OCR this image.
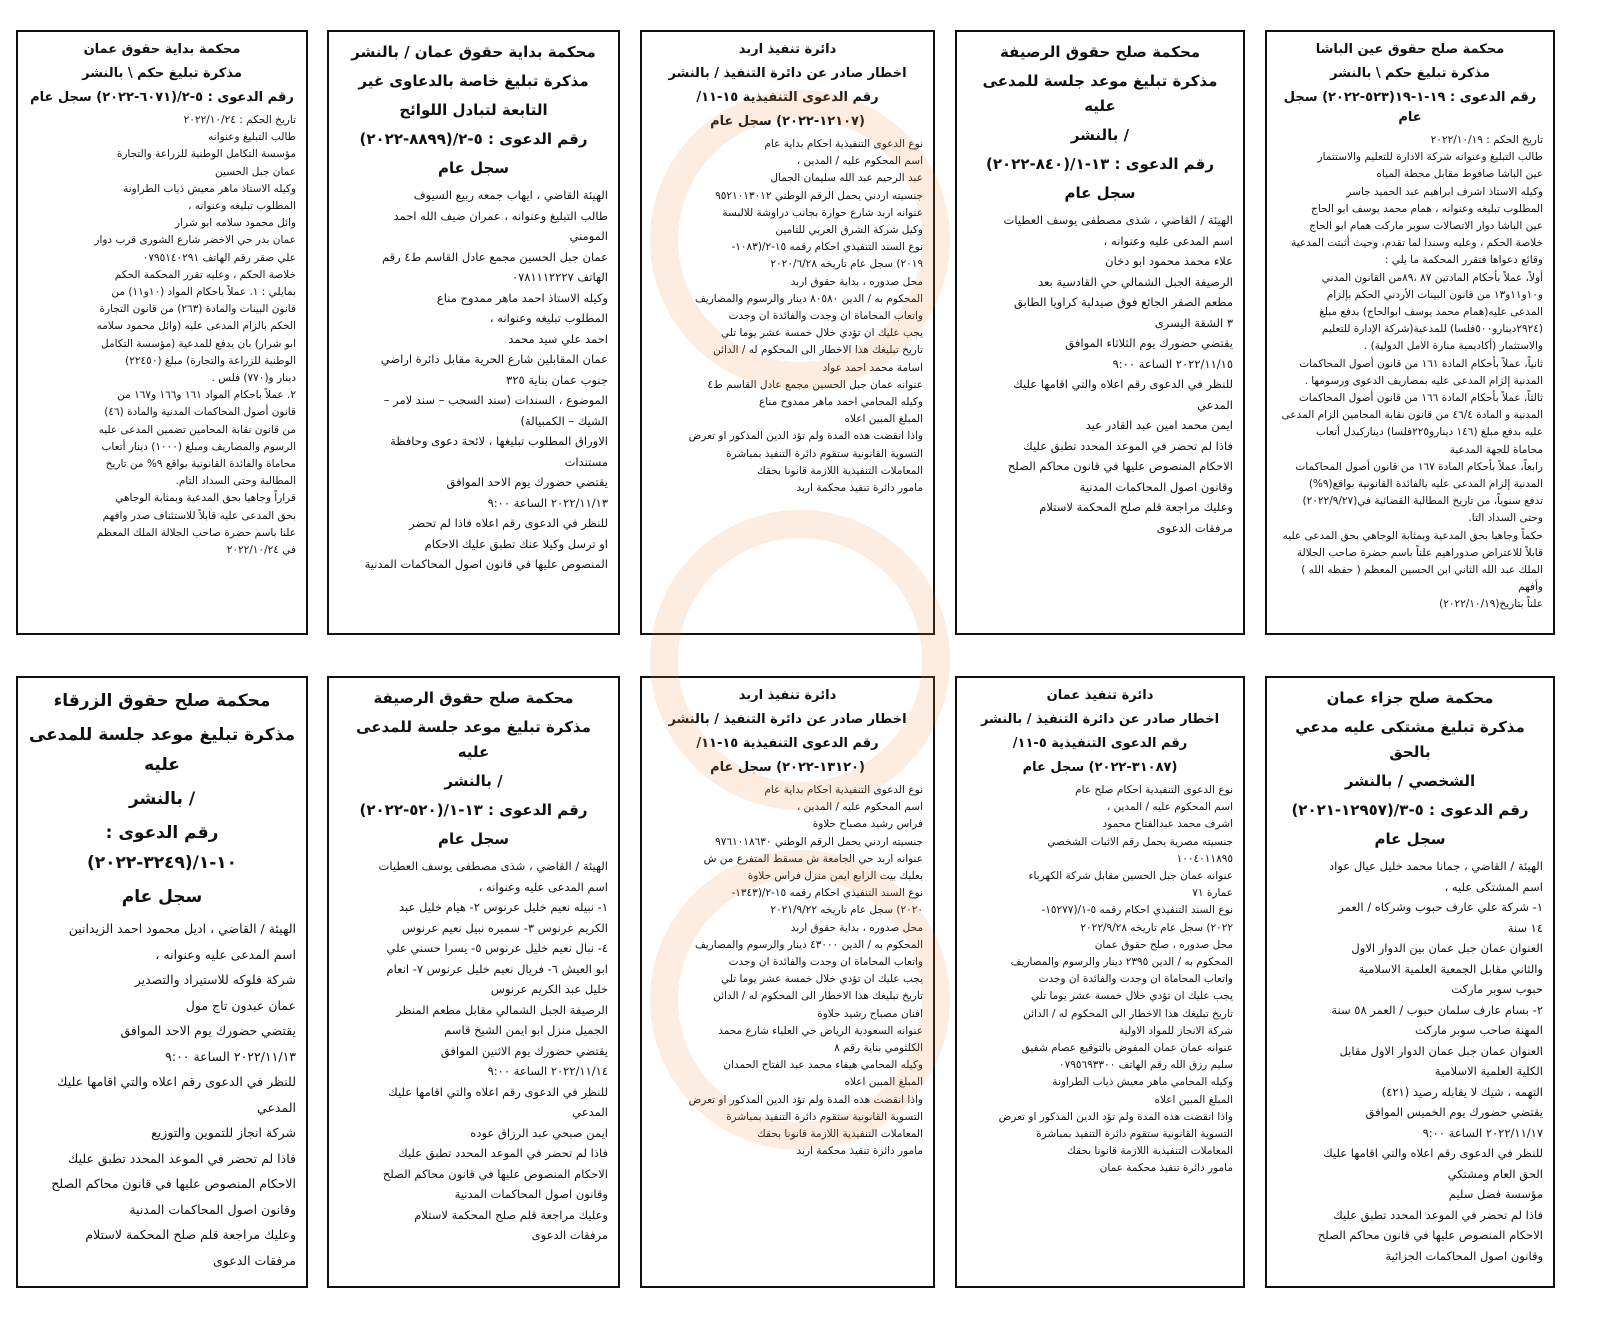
محكمة صلح حقوق عين الباشا
مذكرة تبليغ حكم \ بالنشر
رقم الدعوى : ١٩-١-١٩(٥٢٣-٢٠٢٢) سجل عام
تاريخ الحكم : ٢٠٢٢/١٠/١٩
طالب التبليغ وعنوانه شركة الادارة للتعليم والاستثمار
عين الباشا صافوط مقابل محطة المياه
وكيله الاستاذ اشرف ابراهيم عبد الحميد جاسر
المطلوب تبليغه وعنوانه ، همام محمد يوسف ابو الحاج
عين الباشا دوار الاتصالات سوبر ماركت همام ابو الحاج
خلاصة الحكم ، وعليه وسندا لما تقدم، وحيث أثبتت المدعية
وقائع دعواها فتقرر المحكمة ما يلي :
أولاً، عملاً بأحكام المادتين ٨٧ ،٨٩من القانون المدني
و١٠و١١و١٣ من قانون البينات الأردني الحكم بإلزام
المدعى عليه(همام محمد يوسف ابوالحاج) بدفع مبلغ
(٢٩٢٤دينارو٥٠٠فلسا) للمدعية(شركة الإدارة للتعليم
والاستثمار (أكاديمية منارة الامل الدولية) .
ثانياً، عملاً بأحكام المادة ١٦١ من قانون أصول المحاكمات
المدنية إلزام المدعى عليه بمصاريف الدعوى ورسومها .
ثالثاً، عملاً بأحكام المادة ١٦٦ من قانون أصول المحاكمات
المدنية و المادة ٤٦/٤ من قانون نقابة المحامين الزام المدعى
عليه بدفع مبلغ (١٤٦ دينارو٢٢٥فلسا) ديناركبدل أتعاب
محاماة للجهة المدعية
رابعاً، عملاً بأحكام المادة ١٦٧ من قانون أصول المحاكمات
المدنية إلزام المدعى عليه بالفائدة القانونية بواقع(٩%)
تدفع سنوياً، من تاريخ المطالبة القضائية في(٢٠٢٢/٩/٢٧)
وحتى السداد التا.
حكماً وجاهيا بحق المدعية وبمثابة الوجاهي بحق المدعى عليه
قابلاً للاعتراض صدوراهيم علناً باسم حضرة صاحب الجلالة
الملك عبد الله الثاني ابن الحسين المعظم ( حفظه الله ) وأفهم
علناً بتاريخ(٢٠٢٢/١٠/١٩)
محكمة صلح حقوق الرصيفة
مذكرة تبليغ موعد جلسة للمدعى عليه
/ بالنشر
رقم الدعوى : ١٣-١/(٨٤٠-٢٠٢٢)
سجل عام
الهيئة / القاضي ، شذى مصطفى يوسف العطيات
اسم المدعى عليه وعنوانه ،
علاء محمد محمود ابو دخان
الرصيفة الجبل الشمالي حي القادسية بعد
مطعم الصقر الجائع فوق صيدلية كراويا الطابق
٣ الشقة اليسرى
يقتضي حضورك يوم الثلاثاء الموافق
٢٠٢٢/١١/١٥ الساعة ٩:٠٠
للنظر في الدعوى رقم اعلاه والتي اقامها عليك
المدعي
ايمن محمد امين عبد القادر عيد
فاذا لم تحضر في الموعد المحدد تطبق عليك
الاحكام المنصوص عليها في قانون محاكم الصلح
وقانون اصول المحاكمات المدنية
وعليك مراجعة قلم صلح المحكمة لاستلام
مرفقات الدعوى
دائرة تنفيذ اربد
اخطار صادر عن دائرة التنفيذ / بالنشر
رقم الدعوى التنفيذية ١٥-١١/
(١٢١٠٧-٢٠٢٢) سجل عام
نوع الدعوى التنفيذية احكام بداية عام
اسم المحكوم عليه / المدين ،
عبد الرحيم عبد الله سليمان الجمال
جنسيته اردني يحمل الرقم الوطني ٩٥٢١٠١٣٠١٢
عنوانه اربد شارع حوارة بجانب دراوشة للالبسة
وكيل شركة الشرق العربي للتامين
نوع السند التنفيذي احكام رقمه ١٥-٢/(١٠٨٣-
٢٠١٩) سجل عام تاريخه ٢٠٢٠/٦/٢٨
محل صدوره ، بداية حقوق اربد
المحكوم به / الدين ٨٠٥٨٠ دينار والرسوم والمصاريف
واتعاب المحاماة ان وجدت والفائدة ان وجدت
يجب عليك ان تؤدي خلال خمسة عشر يوما تلي
تاريخ تبليغك هذا الاخطار الى المحكوم له / الدائن
اسامة محمد احمد عواد
عنوانه عمان جبل الحسين مجمع عادل القاسم ط٤
وكيله المحامي احمد ماهر ممدوح مناع
المبلغ المبين اعلاه
واذا انقضت هذه المدة ولم تؤد الدين المذكور او تعرض
التسوية القانونية ستقوم دائرة التنفيذ بمباشرة
المعاملات التنفيذية اللازمة قانونا بحقك
مامور دائرة تنفيذ محكمة اربد
محكمة بداية حقوق عمان / بالنشر
مذكرة تبليغ خاصة بالدعاوى غير
التابعة لتبادل اللوائح
رقم الدعوى : ٥-٢/(٨٨٩٩-٢٠٢٢)
سجل عام
الهيئة القاضي ، ايهاب جمعه ربيع السيوف
طالب التبليغ وعنوانه ، عمران ضيف الله احمد
المومني
عمان جبل الحسين مجمع عادل القاسم ط٤ رقم
الهاتف ٠٧٨١١١٢٢٢٧
وكيله الاستاذ احمد ماهر ممدوح مناع
المطلوب تبليغه وعنوانه ،
احمد علي سيد محمد
عمان المقابلين شارع الحرية مقابل دائرة اراضي
جنوب عمان بناية ٣٢٥
الموضوع ، السندات (سند السحب – سند لامر –
الشيك – الكمبيالة)
الاوراق المطلوب تبليغها ، لائحة دعوى وحافظة
مستندات
يقتضي حضورك يوم الاحد الموافق
٢٠٢٢/١١/١٣ الساعة ٩:٠٠
للنظر في الدعوى رقم اعلاه فاذا لم تحضر
او ترسل وكيلا عنك تطبق عليك الاحكام
المنصوص عليها في قانون اصول المحاكمات المدنية
محكمة بداية حقوق عمان
مذكرة تبليغ حكم \ بالنشر
رقم الدعوى : ٥-٢/(٦٠٧١-٢٠٢٢) سجل عام
تاريخ الحكم : ٢٠٢٢/١٠/٢٤
طالب التبليغ وعنوانه
مؤسسة التكامل الوطنية للزراعة والتجارة
عمان جبل الحسين
وكيله الاستاذ ماهر معيش ذياب الطراونة
المطلوب تبليغه وعنوانه ،
وائل محمود سلامه ابو شرار
عمان بدر حي الاخضر شارع الشورى قرب دوار
علي صقر رقم الهاتف ٠٧٩٥١٤٠٢٩١
خلاصة الحكم ، وعليه تقرر المحكمة الحكم
بمايلي : ١. عملاً باحكام المواد (١٠و١١) من
قانون البينات والمادة (٢٦٣) من قانون التجارة
الحكم بالزام المدعى عليه (وائل محمود سلامه
ابو شرار) بان يدفع للمدعية (مؤسسة التكامل
الوطنية للزراعة والتجارة) مبلغ (٢٢٤٥٠)
دينار و(٧٧٠) فلس .
٢. عملاً باحكام المواد ١٦١ و١٦٦ و١٦٧ من
قانون أصول المحاكمات المدنية والمادة (٤٦)
من قانون نقابة المحامين تضمين المدعى عليه
الرسوم والمصاريف ومبلغ (١٠٠٠) دينار أتعاب
محاماة والفائدة القانونية بواقع ٩% من تاريخ
المطالبة وحتى السداد التام.
قراراً وجاهيا بحق المدعية وبمثابة الوجاهي
بحق المدعى عليه قابلاً للاستئناف صدر وافهم
علنا باسم حضرة صاحب الجلالة الملك المعظم
في ٢٠٢٢/١٠/٢٤
محكمة صلح جزاء عمان
مذكرة تبليغ مشتكى عليه مدعي بالحق
الشخصي / بالنشر
رقم الدعوى : ٥-٣/(١٢٩٥٧-٢٠٢١)
سجل عام
الهيئة / القاضي ، جمانا محمد خليل عيال عواد
اسم المشتكى عليه ،
١- شركة علي عارف حبوب وشركاه / العمر
١٤ سنة
العنوان عمان جبل عمان بين الدوار الاول
والثاني مقابل الجمعية العلمية الاسلامية
حبوب سوبر ماركت
٢- بسام عارف سلمان حبوب / العمر ٥٨ سنة
المهنة صاحب سوبر ماركت
العنوان عمان جبل عمان الدوار الاول مقابل
الكلية العلمية الاسلامية
التهمه ، شيك لا يقابله رصيد (٤٢١)
يقتضي حضورك يوم الخميس الموافق
٢٠٢٢/١١/١٧ الساعة ٩:٠٠
للنظر في الدعوى رقم اعلاه والتي اقامها عليك
الحق العام ومشتكي
مؤسسة فضل سليم
فاذا لم تحضر في الموعد المحدد تطبق عليك
الاحكام المنصوص عليها في قانون محاكم الصلح
وقانون اصول المحاكمات الجزائية
دائرة تنفيذ عمان
اخطار صادر عن دائرة التنفيذ / بالنشر
رقم الدعوى التنفيذية ٥-١١/
(٣١٠٨٧-٢٠٢٢) سجل عام
نوع الدعوى التنفيذية احكام صلح عام
اسم المحكوم عليه / المدين ،
اشرف محمد عبدالفتاح محمود
جنسيته مصرية يحمل رقم الاثبات الشخصي
١٠٠٤٠١١٨٩٥
عنوانه عمان جبل الحسين مقابل شركة الكهرباء
عمارة ٧١
نوع السند التنفيذي احكام رقمه ٥-١/(١٥٢٧٧-
٢٠٢٢) سجل عام تاريخه ٢٠٢٢/٩/٢٨
محل صدوره ، صلح حقوق عمان
المحكوم به / الدين ٢٣٩٥ دينار والرسوم والمصاريف
واتعاب المحاماة ان وجدت والفائدة ان وجدت
يجب عليك ان تؤدي خلال خمسة عشر يوما تلي
تاريخ تبليغك هذا الاخطار الى المحكوم له / الدائن
شركة الانجاز للمواد الاولية
عنوانه عمان عمان المفوض بالتوقيع عصام شفيق
سليم رزق الله رقم الهاتف ٠٧٩٥٦٩٣٣٠٠
وكيله المحامي ماهر معيش ذياب الطراونة
المبلغ المبين اعلاه
واذا انقضت هذه المدة ولم تؤد الدين المذكور او تعرض
التسوية القانونية ستقوم دائرة التنفيذ بمباشرة
المعاملات التنفيذية اللازمة قانونا بحقك
مامور دائرة تنفيذ محكمة عمان
دائرة تنفيذ اربد
اخطار صادر عن دائرة التنفيذ / بالنشر
رقم الدعوى التنفيذية ١٥-١١/
(١٣١٢٠-٢٠٢٢) سجل عام
نوع الدعوى التنفيذية احكام بداية عام
اسم المحكوم عليه / المدين ،
فراس رشيد مصباح حلاوة
جنسيته اردني يحمل الرقم الوطني ٩٧٦١٠١٨٦٣٠
عنوانه اربد حي الجامعة ش مسقط المتفرع من ش
بعلبك بيت الرابع ايمن منزل فراس حلاوة
نوع السند التنفيذي احكام رقمه ١٥-٢/(١٣٤٣-
٢٠٢٠) سجل عام تاريخه ٢٠٢١/٩/٢٢
محل صدوره ، بداية حقوق اربد
المحكوم به / الدين ٤٣٠٠٠ دينار والرسوم والمصاريف
واتعاب المحاماة ان وجدت والفائدة ان وجدت
يجب عليك ان تؤدي خلال خمسة عشر يوما تلي
تاريخ تبليغك هذا الاخطار الى المحكوم له / الدائن
افنان مصباح رشيد حلاوة
عنوانه السعودية الرياض حي العلياء شارع محمد
الكلثومي بناية رقم ٨
وكيله المحامي هيفاء محمد عبد الفتاح الحمدان
المبلغ المبين اعلاه
واذا انقضت هذه المدة ولم تؤد الدين المذكور او تعرض
التسوية القانونية ستقوم دائرة التنفيذ بمباشرة
المعاملات التنفيذية اللازمة قانونا بحقك
مامور دائرة تنفيذ محكمة اربد
محكمة صلح حقوق الرصيفة
مذكرة تبليغ موعد جلسة للمدعى عليه
/ بالنشر
رقم الدعوى : ١٣-١/(٥٢٠-٢٠٢٢)
سجل عام
الهيئة / القاضي ، شذى مصطفى يوسف العطيات
اسم المدعى عليه وعنوانه ،
١- نبيله نعيم خليل عرنوس ٢- هيام خليل عبد
الكريم عرنوس ٣- سميره نبيل نعيم عرنوس
٤- نبال نعيم خليل عرنوس ٥- يسرا حسني علي
ابو العيش ٦- فريال نعيم خليل عرنوس ٧- انعام
خليل عبد الكريم عرنوس
الرصيفة الجبل الشمالي مقابل مطعم المنظر
الجميل منزل ابو ايمن الشيخ قاسم
يقتضي حضورك يوم الاثنين الموافق
٢٠٢٢/١١/١٤ الساعة ٩:٠٠
للنظر في الدعوى رقم اعلاه والتي اقامها عليك
المدعي
ايمن صبحي عبد الرزاق عوده
فاذا لم تحضر في الموعد المحدد تطبق عليك
الاحكام المنصوص عليها في قانون محاكم الصلح
وقانون اصول المحاكمات المدنية
وعليك مراجعة قلم صلح المحكمة لاستلام
مرفقات الدعوى
محكمة صلح حقوق الزرقاء
مذكرة تبليغ موعد جلسة للمدعى عليه
/ بالنشر
رقم الدعوى : ١٠-١/(٣٢٤٩-٢٠٢٢)
سجل عام
الهيئة / القاضي ، اديل محمود احمد الزيدانين
اسم المدعى عليه وعنوانه ،
شركة فلوكه للاستيراد والتصدير
عمان عبدون تاج مول
يقتضي حضورك يوم الاحد الموافق
٢٠٢٢/١١/١٣ الساعة ٩:٠٠
للنظر في الدعوى رقم اعلاه والتي اقامها عليك
المدعي
شركة انجاز للتموين والتوزيع
فاذا لم تحضر في الموعد المحدد تطبق عليك
الاحكام المنصوص عليها في قانون محاكم الصلح
وقانون اصول المحاكمات المدنية
وعليك مراجعة قلم صلح المحكمة لاستلام
مرفقات الدعوى
